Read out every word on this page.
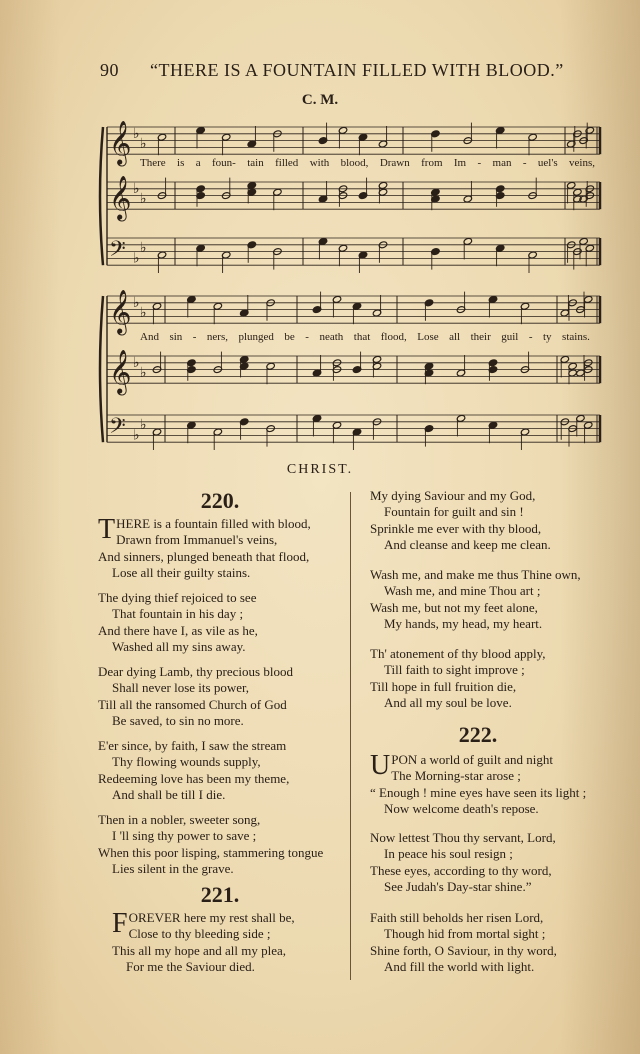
90 “THERE IS A FOUNTAIN FILLED WITH BLOOD.”
C. M.
𝄞 ♭
♭
𝄞 ♭
♭
𝄢 ♭
♭
𝄞 ♭
♭
𝄞 ♭
♭
𝄢 ♭
♭
CHRIST.
220.
THERE is a fountain filled with blood,
Drawn from Immanuel's veins,
And sinners, plunged beneath that flood,
Lose all their guilty stains.
The dying thief rejoiced to see
That fountain in his day ;
And there have I, as vile as he,
Washed all my sins away.
Dear dying Lamb, thy precious blood
Shall never lose its power,
Till all the ransomed Church of God
Be saved, to sin no more.
E'er since, by faith, I saw the stream
Thy flowing wounds supply,
Redeeming love has been my theme,
And shall be till I die.
Then in a nobler, sweeter song,
I 'll sing thy power to save ;
When this poor lisping, stammering tongue
Lies silent in the grave.
221.
FOREVER here my rest shall be,
Close to thy bleeding side ;
This all my hope and all my plea,
For me the Saviour died.
My dying Saviour and my God,
Fountain for guilt and sin !
Sprinkle me ever with thy blood,
And cleanse and keep me clean.
Wash me, and make me thus Thine own,
Wash me, and mine Thou art ;
Wash me, but not my feet alone,
My hands, my head, my heart.
Th' atonement of thy blood apply,
Till faith to sight improve ;
Till hope in full fruition die,
And all my soul be love.
222.
UPON a world of guilt and night
The Morning-star arose ;
“ Enough ! mine eyes have seen its light ;
Now welcome death's repose.
Now lettest Thou thy servant, Lord,
In peace his soul resign ;
These eyes, according to thy word,
See Judah's Day-star shine.”
Faith still beholds her risen Lord,
Though hid from mortal sight ;
Shine forth, O Saviour, in thy word,
And fill the world with light.
There is a foun- tain filled with blood, Drawn from Im - man - uel's veins,
And sin - ners, plunged be - neath that flood, Lose all their guil - ty stains.
